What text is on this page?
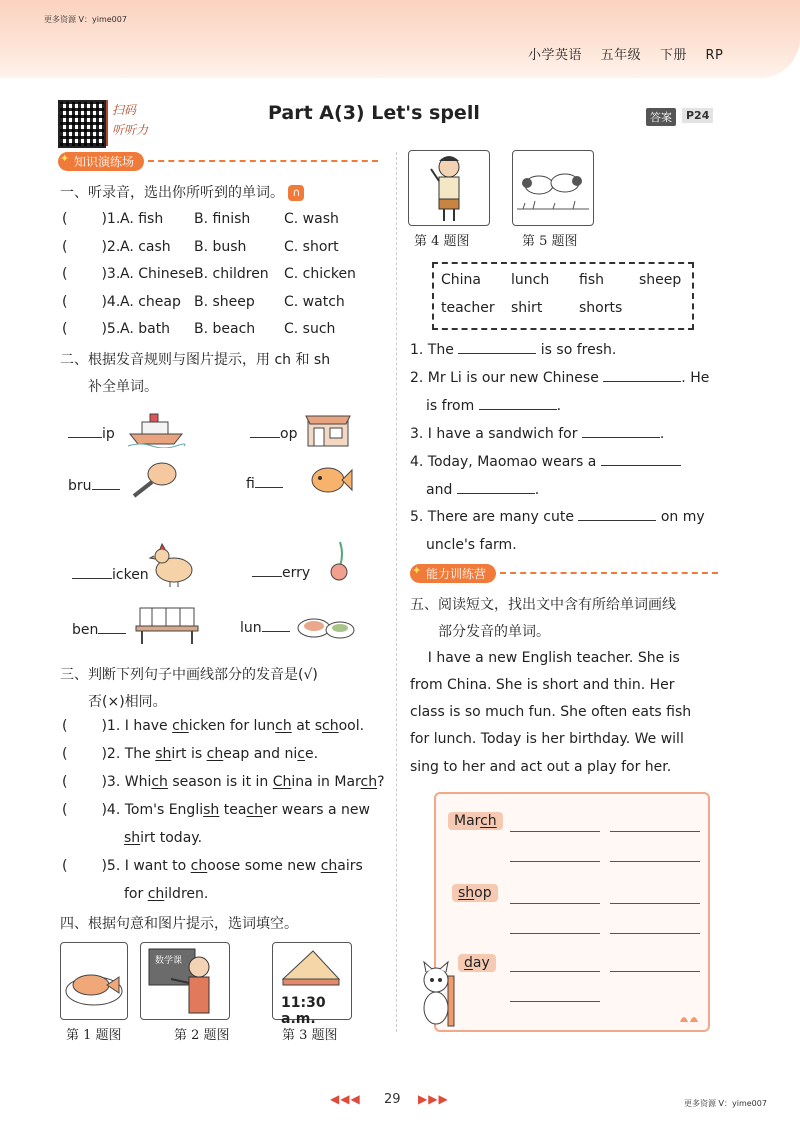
更多资源 V：yime007
小学英语 五年级 下册 RP
扫码
听听力
Part A(3) Let's spell	答案	P24
✦ 知识演练场
一、听录音，选出你所听到的单词。 ∩
( )1. A. fish B. finish C. wash
( )2. A. cash B. bush	C. short
( )3. A. Chinese B. children C. chicken
( )4. A. cheap B. sheep C. watch
( )5. A. bath B. beach C. such
二、根据发音规则与图片提示，用 ch 和 sh
补全单词。
ip	op
bru	fi
icken	erry
ben	lun
三、判断下列句子中画线部分的发音是(√)
否(×)相同。
( )1. I have chicken for lunch at school.
( )2. The shirt is cheap and nice.
( )3. Which season is it in China in March?
( )4. Tom's English teacher wears a new
shirt today.
( )5. I want to choose some new chairs
for children.
四、根据句意和图片提示，选词填空。
数学课
11:30 a.m.
第 1 题图	第 2 题图	第 3 题图
第 4 题图	第 5 题图
China lunch fish	sheep
teacher shirt	shorts
1. The	is so fresh.
2. Mr Li is our new Chinese	. He
is from	.
3. I have a sandwich for	.
4. Today, Maomao wears a
and	.
5. There are many cute	on my
uncle's farm.
✦ 能力训练营
五、阅读短文，找出文中含有所给单词画线
部分发音的单词。
I have a new English teacher. She is
from China. She is short and thin. Her
class is so much fun. She often eats fish
for lunch. Today is her birthday. We will
sing to her and act out a play for her.
March
shop
day
◀◀◀ 29 ▶▶▶	更多资源 V：yime007
